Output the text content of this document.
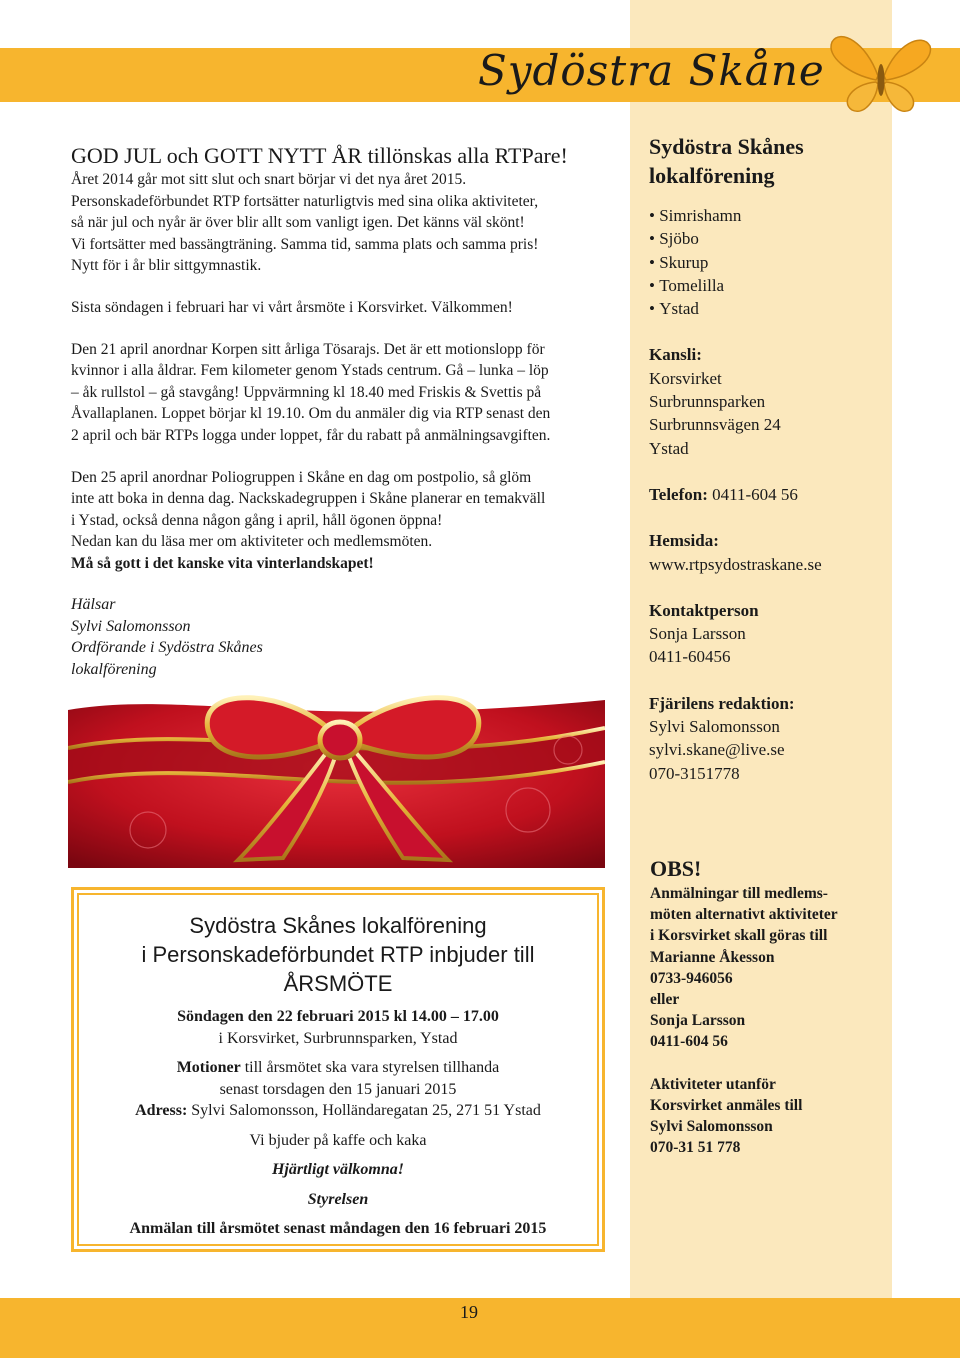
Sydöstra Skåne

GOD JUL och GOTT NYTT ÅR tillönskas alla RTPare!

Året 2014 går mot sitt slut och snart börjar vi det nya året 2015.

Personskadeförbundet RTP fortsätter naturligtvis med sina olika aktiviteter,

så när jul och nyår är över blir allt som vanligt igen. Det känns väl skönt!

Vi fortsätter med bassängträning. Samma tid, samma plats och samma pris!

Nytt för i år blir sittgymnastik.

Sista söndagen i februari har vi vårt årsmöte i Korsvirket. Välkommen!

Den 21 april anordnar Korpen sitt årliga Tösarajs. Det är ett motionslopp för

kvinnor i alla åldrar. Fem kilometer genom Ystads centrum. Gå – lunka – löp

– åk rullstol – gå stavgång! Uppvärmning kl 18.40 med Friskis & Svettis på

Åvallaplanen. Loppet börjar kl 19.10. Om du anmäler dig via RTP senast den

2 april och bär RTPs logga under loppet, får du rabatt på anmälningsavgiften.

Den 25 april anordnar Poliogruppen i Skåne en dag om postpolio, så glöm

inte att boka in denna dag. Nackskadegruppen i Skåne planerar en temakväll

i Ystad, också denna någon gång i april, håll ögonen öppna!

Nedan kan du läsa mer om aktiviteter och medlemsmöten.

Må så gott i det kanske vita vinterlandskapet!

Hälsar
Sylvi Salomonsson
Ordförande i Sydöstra Skånes
lokalförening
Sydöstra Skånes lokalförening
i Personskadeförbundet RTP inbjuder till
ÅRSMÖTE
Söndagen den 22 februari 2015 kl 14.00 – 17.00
i Korsvirket, Surbrunnsparken, Ystad
Motioner till årsmötet ska vara styrelsen tillhanda
senast torsdagen den 15 januari 2015
Adress: Sylvi Salomonsson, Holländaregatan 25, 271 51 Ystad
Vi bjuder på kaffe och kaka
Hjärtligt välkomna!
Styrelsen
Anmälan till årsmötet senast måndagen den 16 februari 2015

Sydöstra Skånes

lokalförening

• Simrishamn
• Sjöbo
• Skurup
• Tomelilla
• Ystad

Kansli:

Korsvirket

Surbrunnsparken

Surbrunnsvägen 24

Ystad

Telefon: 0411-604 56

Hemsida:

www.rtpsydostraskane.se

Kontaktperson

Sonja Larsson

0411-60456

Fjärilens redaktion:

Sylvi Salomonsson

sylvi.skane@live.se

070-3151778

OBS!
Anmälningar till medlems-
möten alternativt aktiviteter
i Korsvirket skall göras till
Marianne Åkesson
0733-946056
eller
Sonja Larsson
0411-604 56
Aktiviteter utanför
Korsvirket anmäles till
Sylvi Salomonsson
070-31 51 778
19
